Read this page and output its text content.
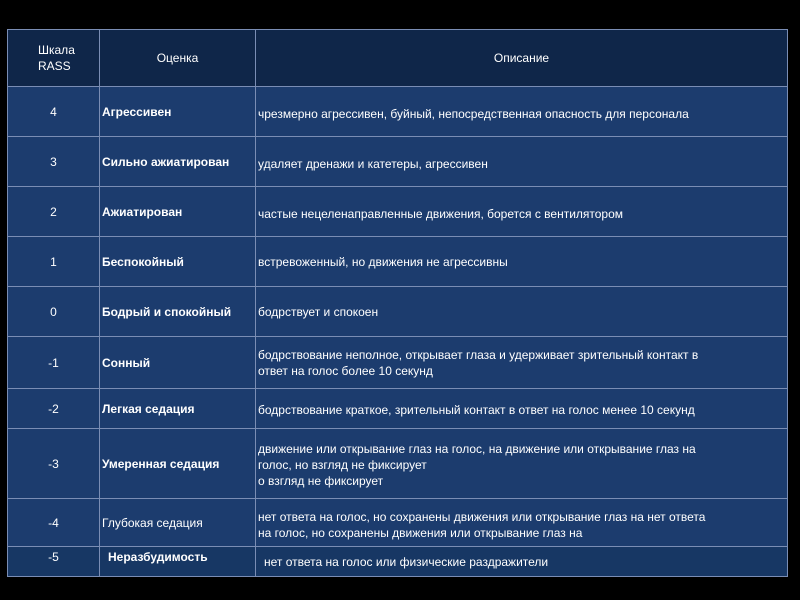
Шкала RASS	Оценка	Описание
4	Агрессивен	чрезмерно агрессивен, буйный, непосредственная опасность для персонала

3	Сильно ажиатирован	удаляет дренажи и катетеры, агрессивен

2	Ажиатирован	частые нецеленаправленные движения, борется с вентилятором

1	Беспокойный	встревоженный, но движения не агрессивны

0	Бодрый и спокойный	бодрствует и спокоен

-1	Сонный	бодрствование неполное, открывает глаза и удерживает зрительный контакт в
ответ на голос более 10 секунд

-2	Легкая седация	бодрствование краткое, зрительный контакт в ответ на голос менее 10 секунд

-3	Умеренная седация	движение или открывание глаз на голос, на движение или открывание глаз на
голос, но взгляд не фиксирует
о взгляд не фиксирует

-4	Глубокая седация	нет ответа на голос, но сохранены движения или открывание глаз на нет ответа
на голос, но сохранены движения или открывание глаз на

-5	Неразбудимость	нет ответа на голос или физические раздражители
